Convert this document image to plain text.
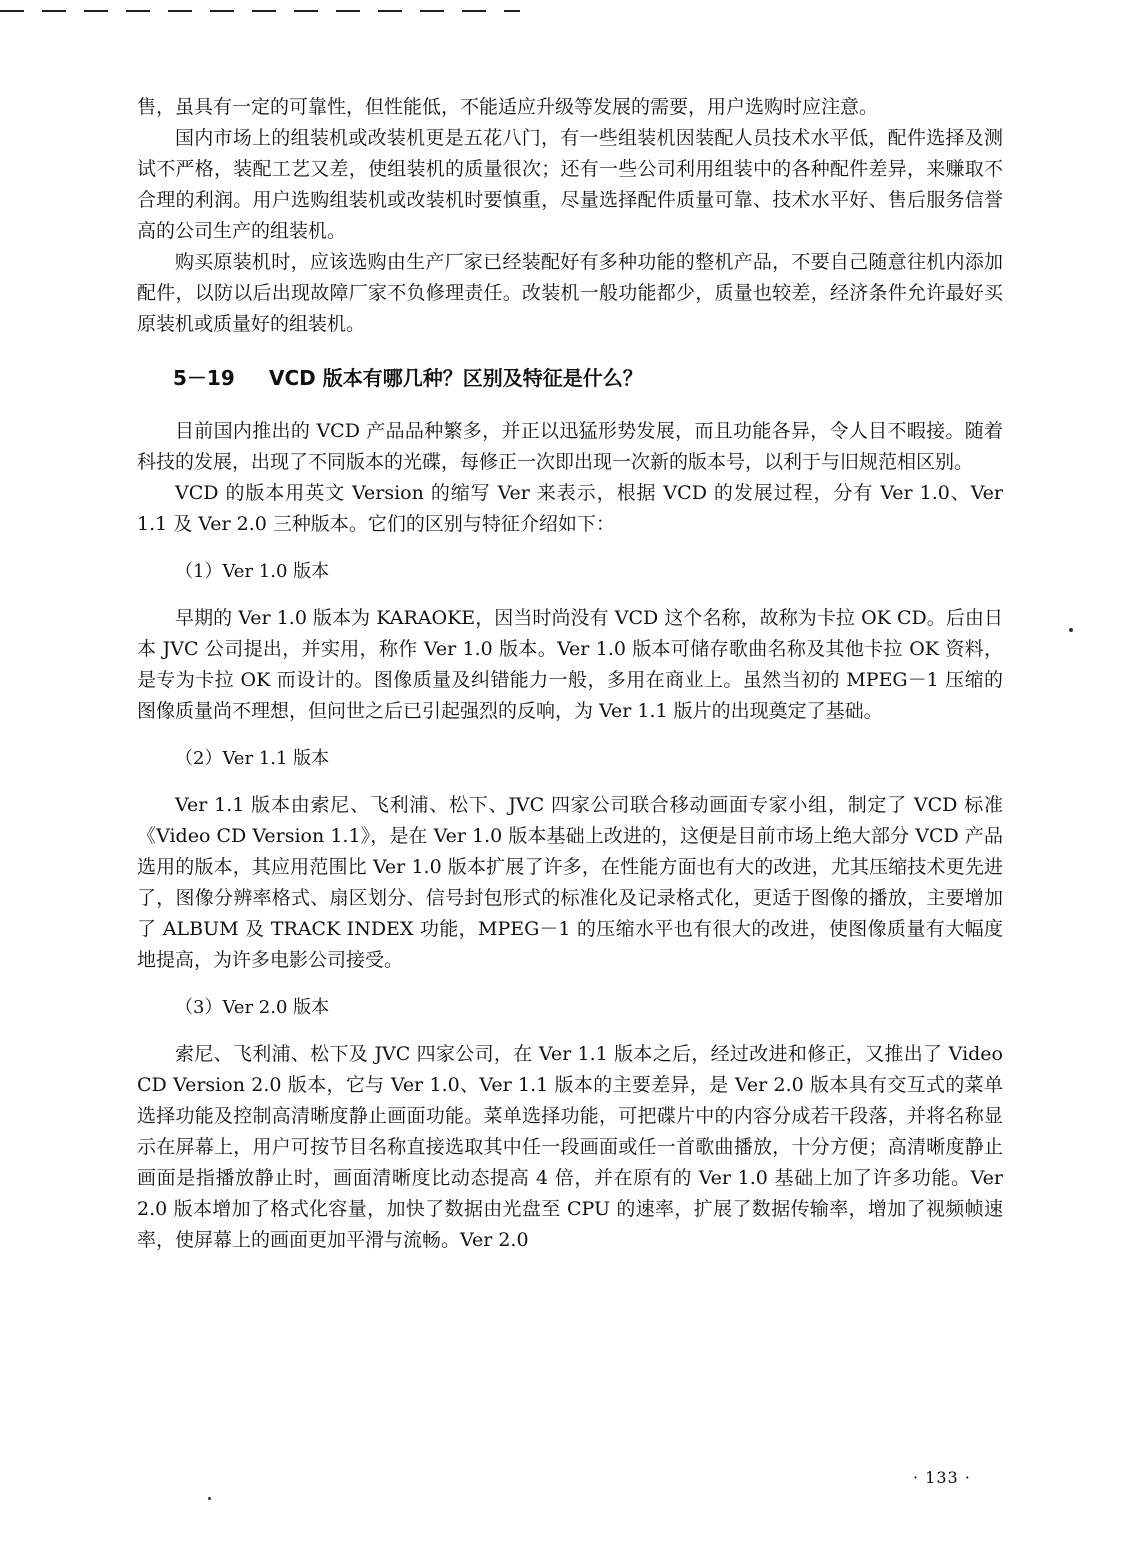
售，虽具有一定的可靠性，但性能低，不能适应升级等发展的需要，用户选购时应注意。

国内市场上的组装机或改装机更是五花八门，有一些组装机因装配人员技术水平低，配件选择及测试不严格，装配工艺又差，使组装机的质量很次；还有一些公司利用组装中的各种配件差异，来赚取不合理的利润。用户选购组装机或改装机时要慎重，尽量选择配件质量可靠、技术水平好、售后服务信誉高的公司生产的组装机。

购买原装机时，应该选购由生产厂家已经装配好有多种功能的整机产品，不要自己随意往机内添加配件，以防以后出现故障厂家不负修理责任。改装机一般功能都少，质量也较差，经济条件允许最好买原装机或质量好的组装机。

5－19 VCD 版本有哪几种？区别及特征是什么？

目前国内推出的 VCD 产品品种繁多，并正以迅猛形势发展，而且功能各异，令人目不暇接。随着科技的发展，出现了不同版本的光碟，每修正一次即出现一次新的版本号，以利于与旧规范相区别。

VCD 的版本用英文 Version 的缩写 Ver 来表示，根据 VCD 的发展过程，分有 Ver 1.0、Ver 1.1 及 Ver 2.0 三种版本。它们的区别与特征介绍如下：

（1）Ver 1.0 版本

早期的 Ver 1.0 版本为 KARAOKE，因当时尚没有 VCD 这个名称，故称为卡拉 OK CD。后由日本 JVC 公司提出，并实用，称作 Ver 1.0 版本。Ver 1.0 版本可储存歌曲名称及其他卡拉 OK 资料，是专为卡拉 OK 而设计的。图像质量及纠错能力一般，多用在商业上。虽然当初的 MPEG－1 压缩的图像质量尚不理想，但问世之后已引起强烈的反响，为 Ver 1.1 版片的出现奠定了基础。

（2）Ver 1.1 版本

Ver 1.1 版本由索尼、飞利浦、松下、JVC 四家公司联合移动画面专家小组，制定了 VCD 标准《Video CD Version 1.1》，是在 Ver 1.0 版本基础上改进的，这便是目前市场上绝大部分 VCD 产品选用的版本，其应用范围比 Ver 1.0 版本扩展了许多，在性能方面也有大的改进，尤其压缩技术更先进了，图像分辨率格式、扇区划分、信号封包形式的标准化及记录格式化，更适于图像的播放，主要增加了 ALBUM 及 TRACK INDEX 功能，MPEG－1 的压缩水平也有很大的改进，使图像质量有大幅度地提高，为许多电影公司接受。

（3）Ver 2.0 版本

索尼、飞利浦、松下及 JVC 四家公司，在 Ver 1.1 版本之后，经过改进和修正，又推出了 Video CD Version 2.0 版本，它与 Ver 1.0、Ver 1.1 版本的主要差异，是 Ver 2.0 版本具有交互式的菜单选择功能及控制高清晰度静止画面功能。菜单选择功能，可把碟片中的内容分成若干段落，并将名称显示在屏幕上，用户可按节目名称直接选取其中任一段画面或任一首歌曲播放，十分方便；高清晰度静止画面是指播放静止时，画面清晰度比动态提高 4 倍，并在原有的 Ver 1.0 基础上加了许多功能。Ver 2.0 版本增加了格式化容量，加快了数据由光盘至 CPU 的速率，扩展了数据传输率，增加了视频帧速率，使屏幕上的画面更加平滑与流畅。Ver 2.0

· 133 ·
